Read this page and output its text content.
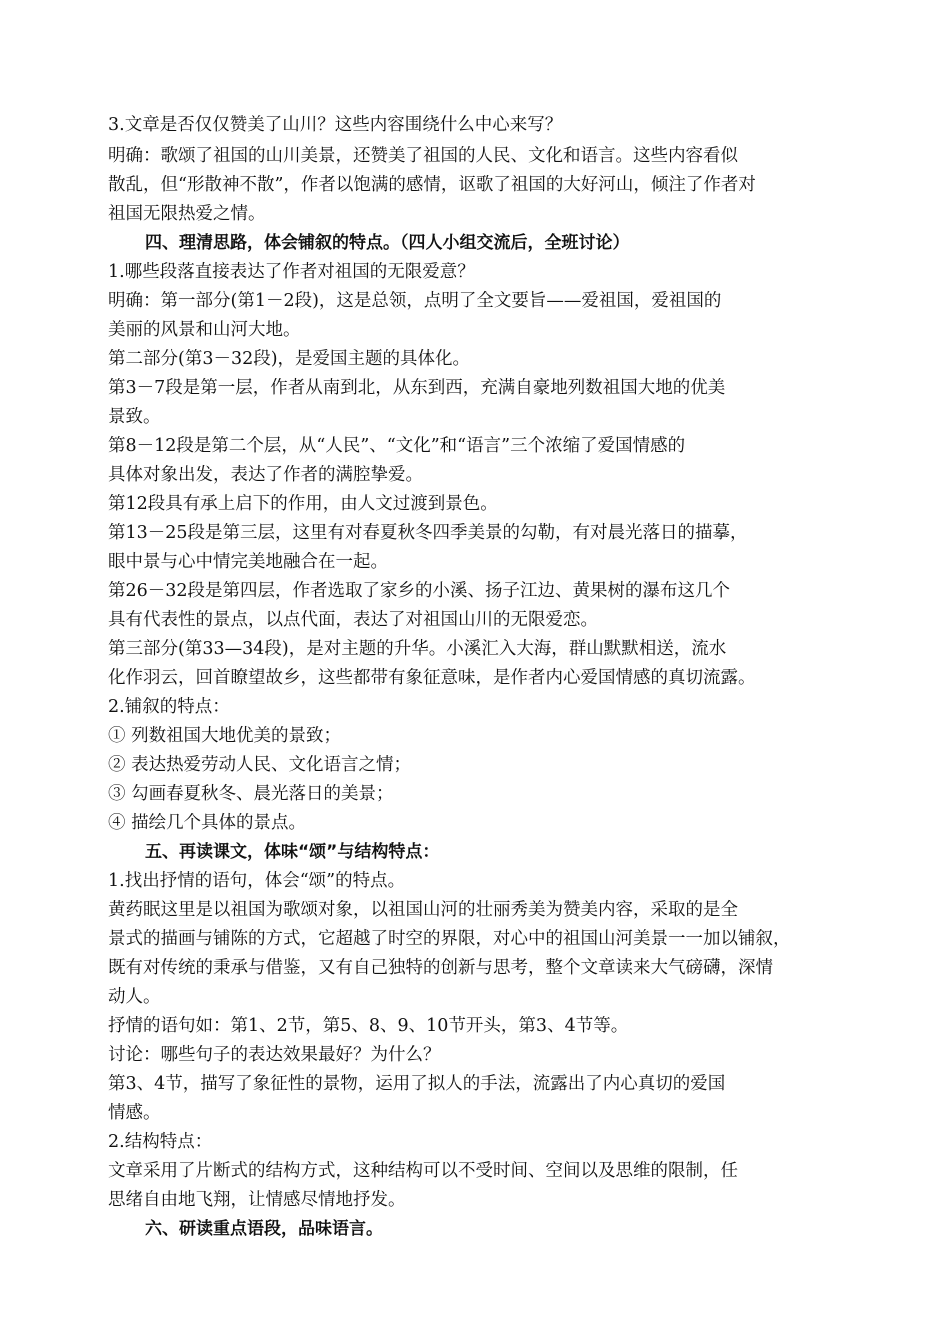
3.文章是否仅仅赞美了山川？这些内容围绕什么中心来写？
明确：歌颂了祖国的山川美景，还赞美了祖国的人民、文化和语言。这些内容看似
散乱，但“形散神不散”，作者以饱满的感情，讴歌了祖国的大好河山，倾注了作者对
祖国无限热爱之情。
四、理清思路，体会铺叙的特点。（四人小组交流后，全班讨论）
1.哪些段落直接表达了作者对祖国的无限爱意？
明确：第一部分(第1－2段)，这是总领，点明了全文要旨——爱祖国，爱祖国的
美丽的风景和山河大地。
第二部分(第3－32段)，是爱国主题的具体化。
第3－7段是第一层，作者从南到北，从东到西，充满自豪地列数祖国大地的优美
景致。
第8－12段是第二个层，从“人民”、“文化”和“语言”三个浓缩了爱国情感的
具体对象出发，表达了作者的满腔挚爱。
第12段具有承上启下的作用，由人文过渡到景色。
第13－25段是第三层，这里有对春夏秋冬四季美景的勾勒，有对晨光落日的描摹，
眼中景与心中情完美地融合在一起。
第26－32段是第四层，作者选取了家乡的小溪、扬子江边、黄果树的瀑布这几个
具有代表性的景点，以点代面，表达了对祖国山川的无限爱恋。
第三部分(第33—34段)，是对主题的升华。小溪汇入大海，群山默默相送，流水
化作羽云，回首瞭望故乡，这些都带有象征意味，是作者内心爱国情感的真切流露。
2.铺叙的特点：
① 列数祖国大地优美的景致；
② 表达热爱劳动人民、文化语言之情；
③ 勾画春夏秋冬、晨光落日的美景；
④ 描绘几个具体的景点。
五、再读课文，体味“颂”与结构特点：
1.找出抒情的语句，体会“颂”的特点。
黄药眠这里是以祖国为歌颂对象，以祖国山河的壮丽秀美为赞美内容，采取的是全
景式的描画与铺陈的方式，它超越了时空的界限，对心中的祖国山河美景一一加以铺叙，
既有对传统的秉承与借鉴，又有自己独特的创新与思考，整个文章读来大气磅礴，深情
动人。
抒情的语句如：第1、2节，第5、8、9、10节开头，第3、4节等。
讨论：哪些句子的表达效果最好？为什么？
第3、4节，描写了象征性的景物，运用了拟人的手法，流露出了内心真切的爱国
情感。
2.结构特点：
文章采用了片断式的结构方式，这种结构可以不受时间、空间以及思维的限制，任
思绪自由地飞翔，让情感尽情地抒发。
六、研读重点语段，品味语言。
